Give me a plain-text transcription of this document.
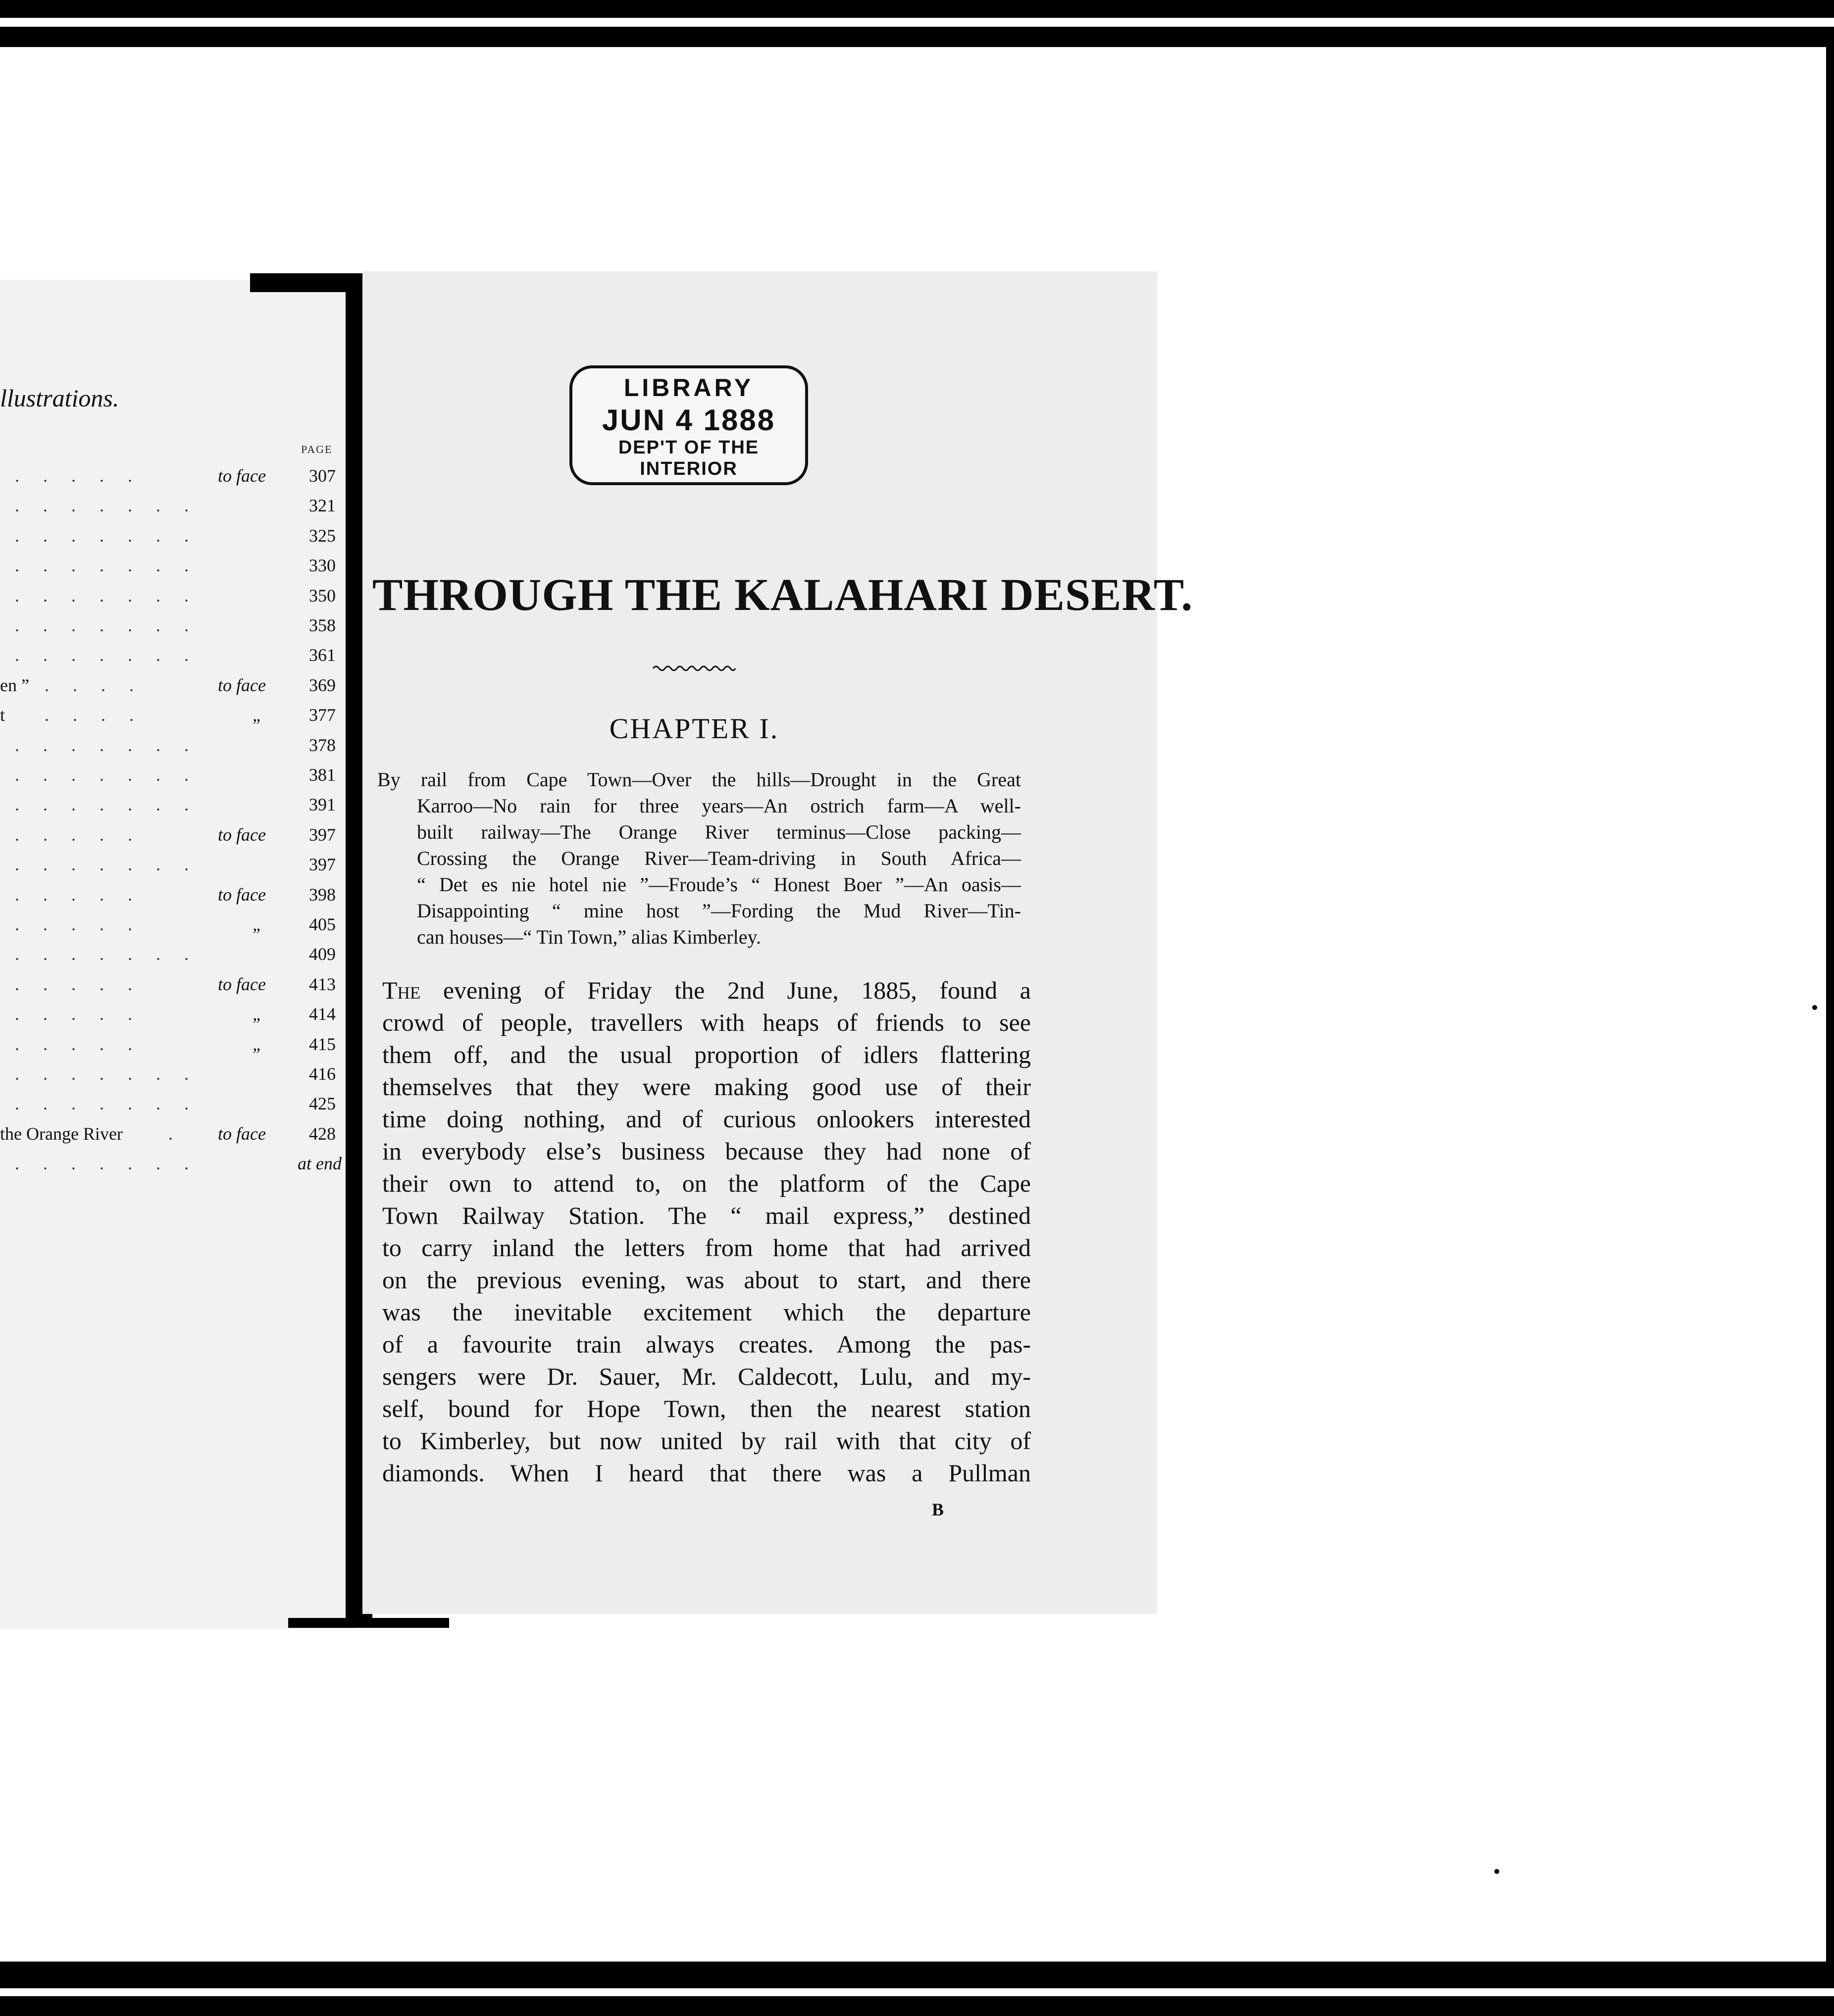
llustrations.
PAGE
.....	to face	307
.......	321
.......	325
.......	330
.......	350
.......	358
.......	361
en ” ....	to face	369
t ....	„	377
.......	378
.......	381
.......	391
.....	to face	397
.......	397
.....	to face	398
.....	„	405
.......	409
.....	to face	413
.....	„	414
.....	„	415
.......	416
.......	425
the Orange River	. to face	428
.......	at end
LIBRARY
JUN 4 1888
DEP'T OF THE INTERIOR
THROUGH THE KALAHARI DESERT.
CHAPTER I.
By rail from Cape Town—Over the hills—Drought in the Great
Karroo—No rain for three years—An ostrich farm—A well-
built railway—The Orange River terminus—Close packing—
Crossing the Orange River—Team-driving in South Africa—
“ Det es nie hotel nie ”—Froude’s “ Honest Boer ”—An oasis—
Disappointing “ mine host ”—Fording the Mud River—Tin-
can houses—“ Tin Town,” alias Kimberley.
The evening of Friday the 2nd June, 1885, found a
crowd of people, travellers with heaps of friends to see
them off, and the usual proportion of idlers flattering
themselves that they were making good use of their
time doing nothing, and of curious onlookers interested
in everybody else’s business because they had none of
their own to attend to, on the platform of the Cape
Town Railway Station. The “ mail express,” destined
to carry inland the letters from home that had arrived
on the previous evening, was about to start, and there
was the inevitable excitement which the departure
of a favourite train always creates. Among the pas-
sengers were Dr. Sauer, Mr. Caldecott, Lulu, and my-
self, bound for Hope Town, then the nearest station
to Kimberley, but now united by rail with that city of
diamonds. When I heard that there was a Pullman
B
